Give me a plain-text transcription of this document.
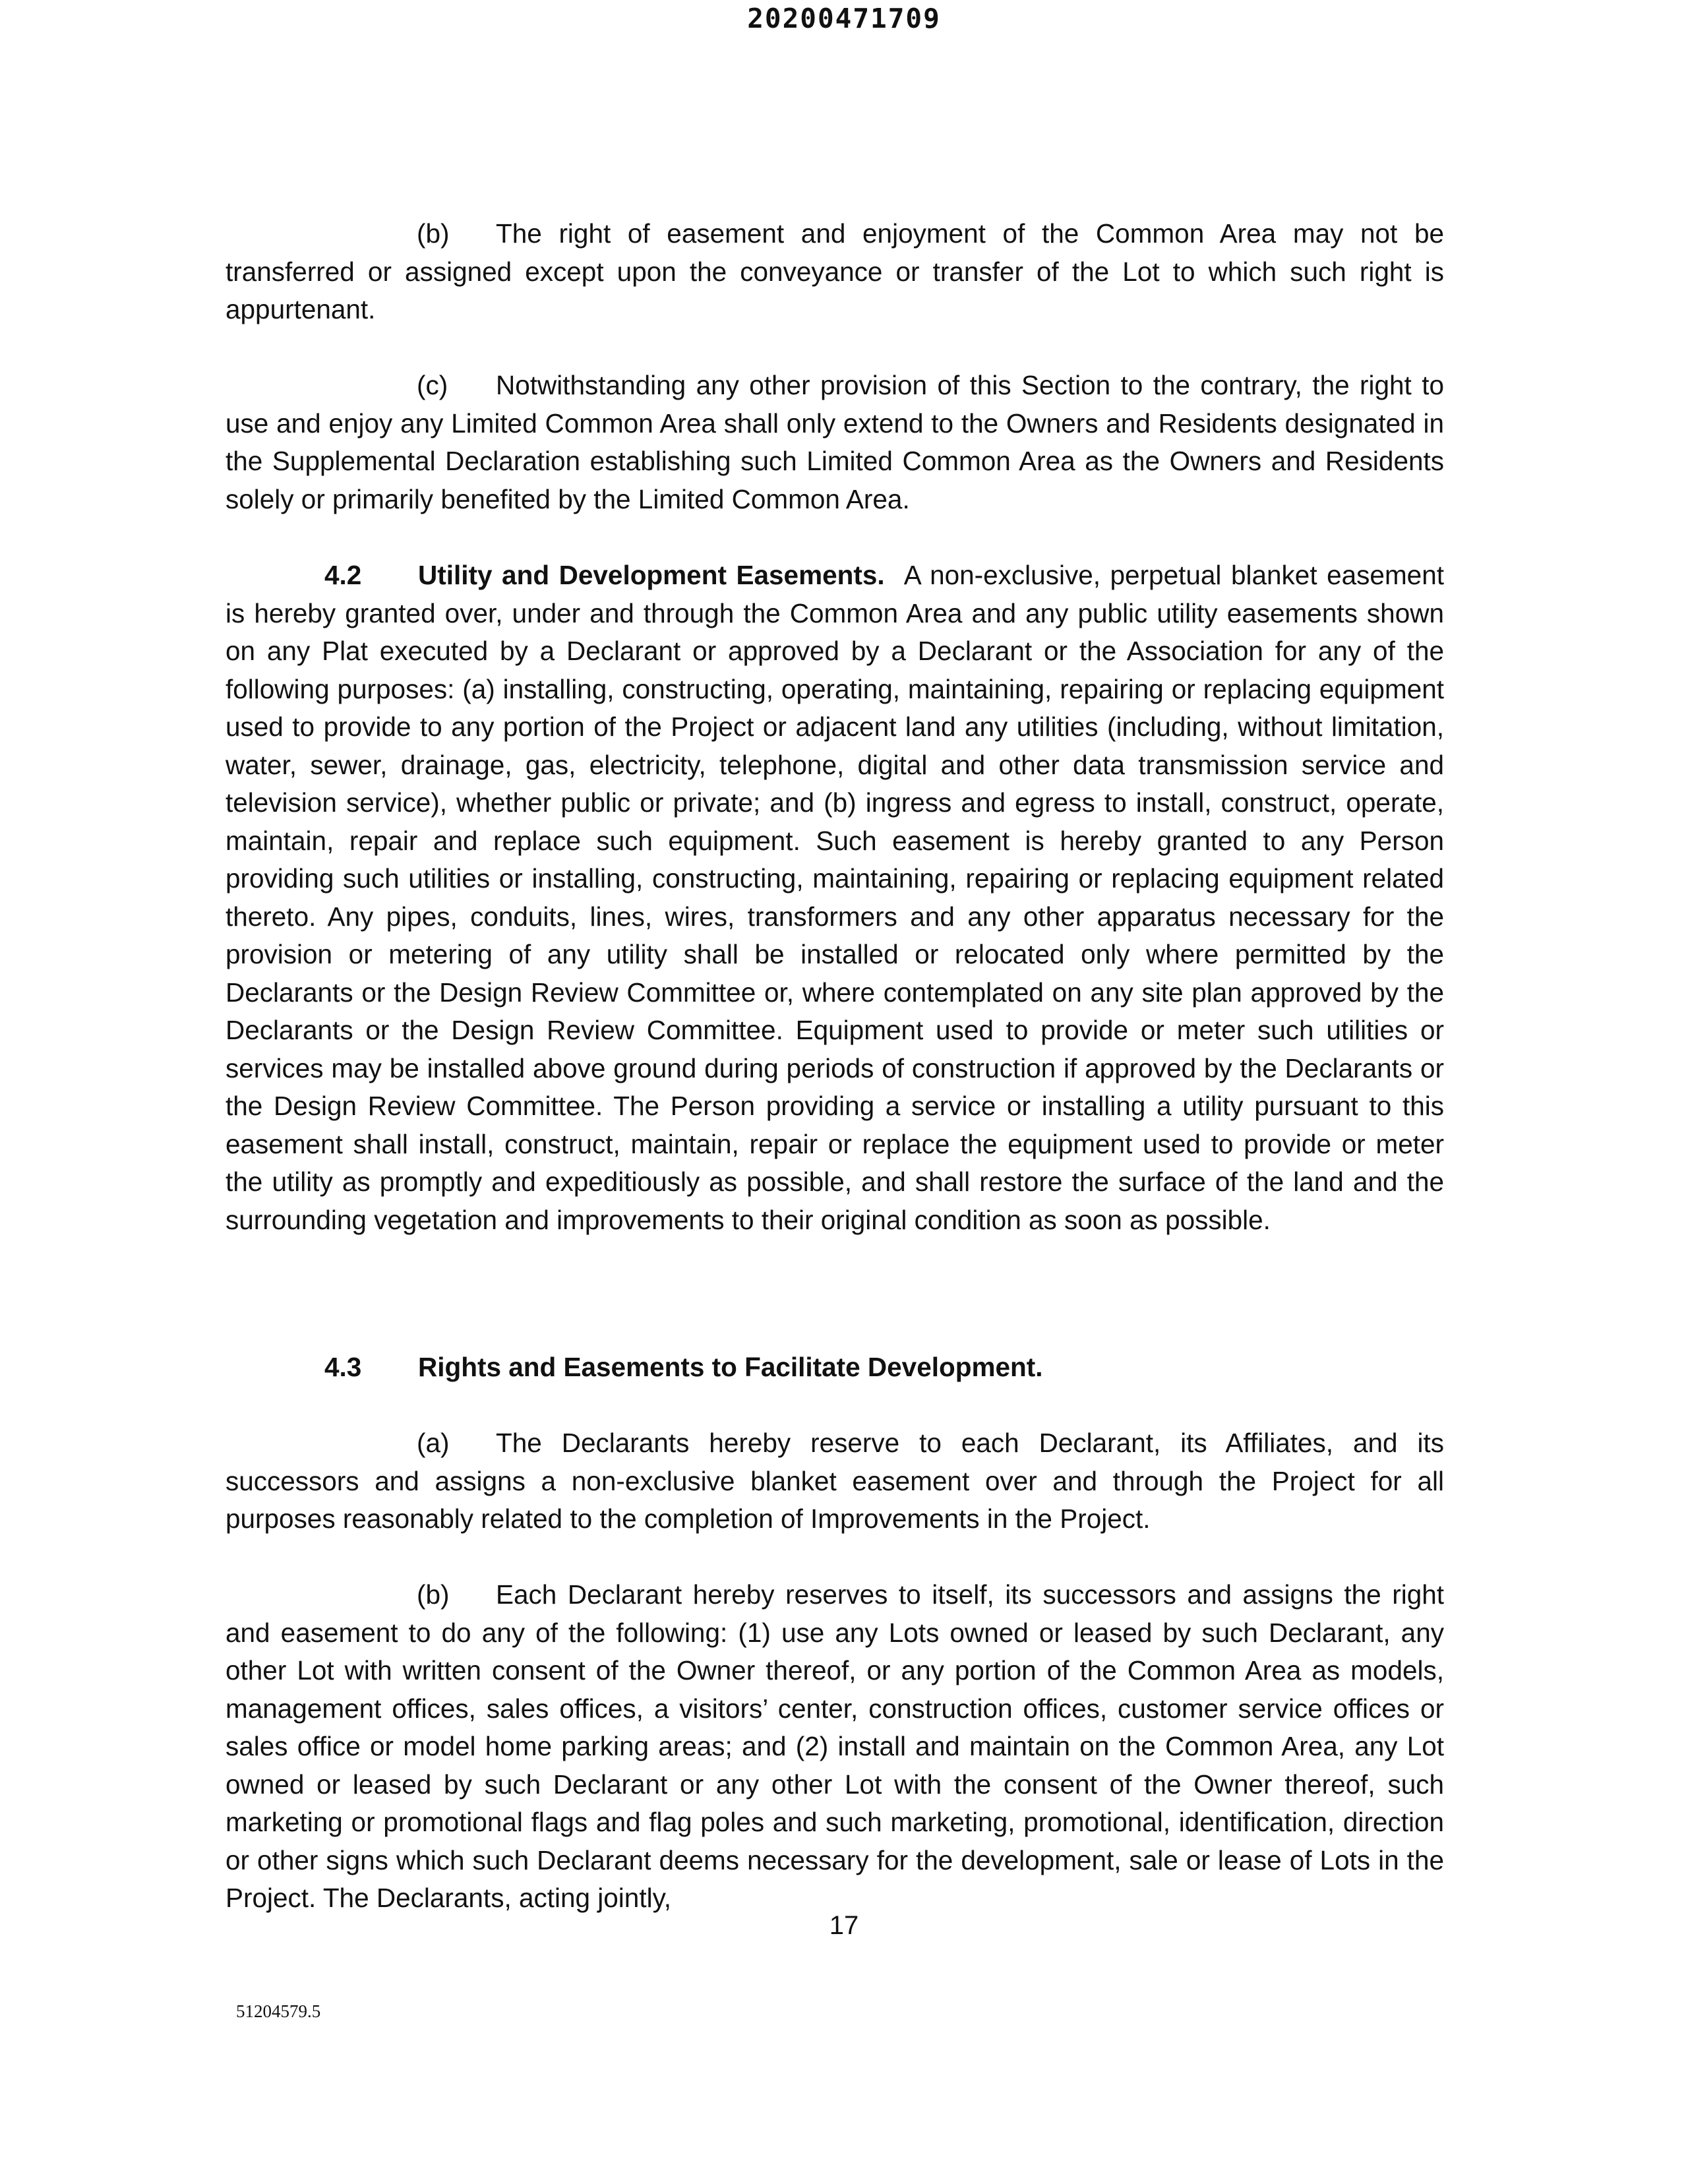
20200471709

(b) The right of easement and enjoyment of the Common Area may not be transferred or assigned except upon the conveyance or transfer of the Lot to which such right is appurtenant.

(c) Notwithstanding any other provision of this Section to the contrary, the right to use and enjoy any Limited Common Area shall only extend to the Owners and Residents designated in the Supplemental Declaration establishing such Limited Common Area as the Owners and Residents solely or primarily benefited by the Limited Common Area.

4.2 Utility and Development Easements. A non-exclusive, perpetual blanket easement is hereby granted over, under and through the Common Area and any public utility easements shown on any Plat executed by a Declarant or approved by a Declarant or the Association for any of the following purposes: (a) installing, constructing, operating, maintaining, repairing or replacing equipment used to provide to any portion of the Project or adjacent land any utilities (including, without limitation, water, sewer, drainage, gas, electricity, telephone, digital and other data transmission service and television service), whether public or private; and (b) ingress and egress to install, construct, operate, maintain, repair and replace such equipment. Such easement is hereby granted to any Person providing such utilities or installing, constructing, maintaining, repairing or replacing equipment related thereto. Any pipes, conduits, lines, wires, transformers and any other apparatus necessary for the provision or metering of any utility shall be installed or relocated only where permitted by the Declarants or the Design Review Committee or, where contemplated on any site plan approved by the Declarants or the Design Review Committee. Equipment used to provide or meter such utilities or services may be installed above ground during periods of construction if approved by the Declarants or the Design Review Committee. The Person providing a service or installing a utility pursuant to this easement shall install, construct, maintain, repair or replace the equipment used to provide or meter the utility as promptly and expeditiously as possible, and shall restore the surface of the land and the surrounding vegetation and improvements to their original condition as soon as possible.

4.3 Rights and Easements to Facilitate Development.

(a) The Declarants hereby reserve to each Declarant, its Affiliates, and its successors and assigns a non-exclusive blanket easement over and through the Project for all purposes reasonably related to the completion of Improvements in the Project.

(b) Each Declarant hereby reserves to itself, its successors and assigns the right and easement to do any of the following: (1) use any Lots owned or leased by such Declarant, any other Lot with written consent of the Owner thereof, or any portion of the Common Area as models, management offices, sales offices, a visitors’ center, construction offices, customer service offices or sales office or model home parking areas; and (2) install and maintain on the Common Area, any Lot owned or leased by such Declarant or any other Lot with the consent of the Owner thereof, such marketing or promotional flags and flag poles and such marketing, promotional, identification, direction or other signs which such Declarant deems necessary for the development, sale or lease of Lots in the Project. The Declarants, acting jointly,

17
51204579.5
